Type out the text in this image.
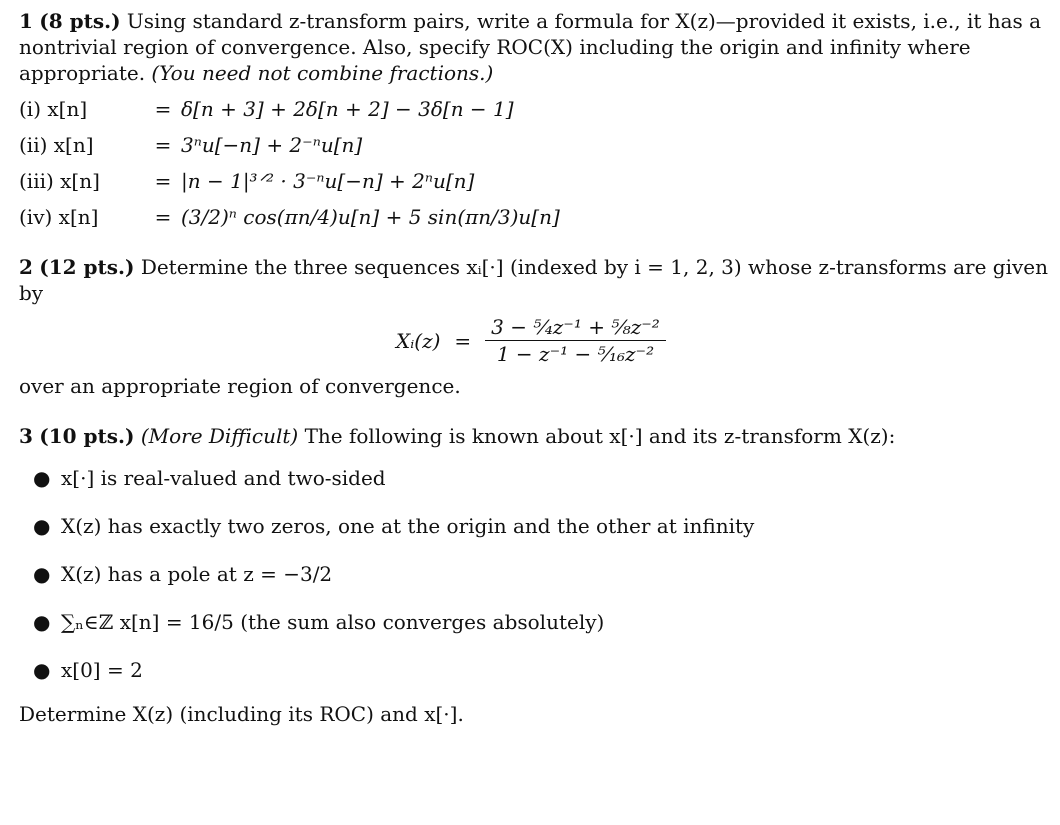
1 (8 pts.) Using standard z-transform pairs, write a formula for X(z)—provided it exists, i.e., it has a nontrivial region of convergence. Also, specify ROC(X) including the origin and infinity where appropriate. (You need not combine fractions.)

(i) x[n]	= δ[n + 3] + 2δ[n + 2] − 3δ[n − 1]
(ii) x[n]	= 3ⁿu[−n] + 2⁻ⁿu[n]
(iii) x[n]	= |n − 1|³ᐟ² · 3⁻ⁿu[−n] + 2ⁿu[n]
(iv) x[n]	= (3/2)ⁿ cos(πn/4)u[n] + 5 sin(πn/3)u[n]

2 (12 pts.) Determine the three sequences xᵢ[·] (indexed by i = 1, 2, 3) whose z-transforms are given by

Xᵢ(z) = $\frac{\text{3 − ⁵⁄₄z⁻¹ + ⁵⁄₈z⁻²}}{\text{1 − z⁻¹ − ⁵⁄₁₆z⁻²}}$

over an appropriate region of convergence.

3 (10 pts.) (More Difficult) The following is known about x[·] and its z-transform X(z):

● x[·] is real-valued and two-sided
● X(z) has exactly two zeros, one at the origin and the other at infinity
● X(z) has a pole at z = −3/2
● ∑ₙ∈ℤ x[n] = 16/5 (the sum also converges absolutely)
● x[0] = 2

Determine X(z) (including its ROC) and x[·].
